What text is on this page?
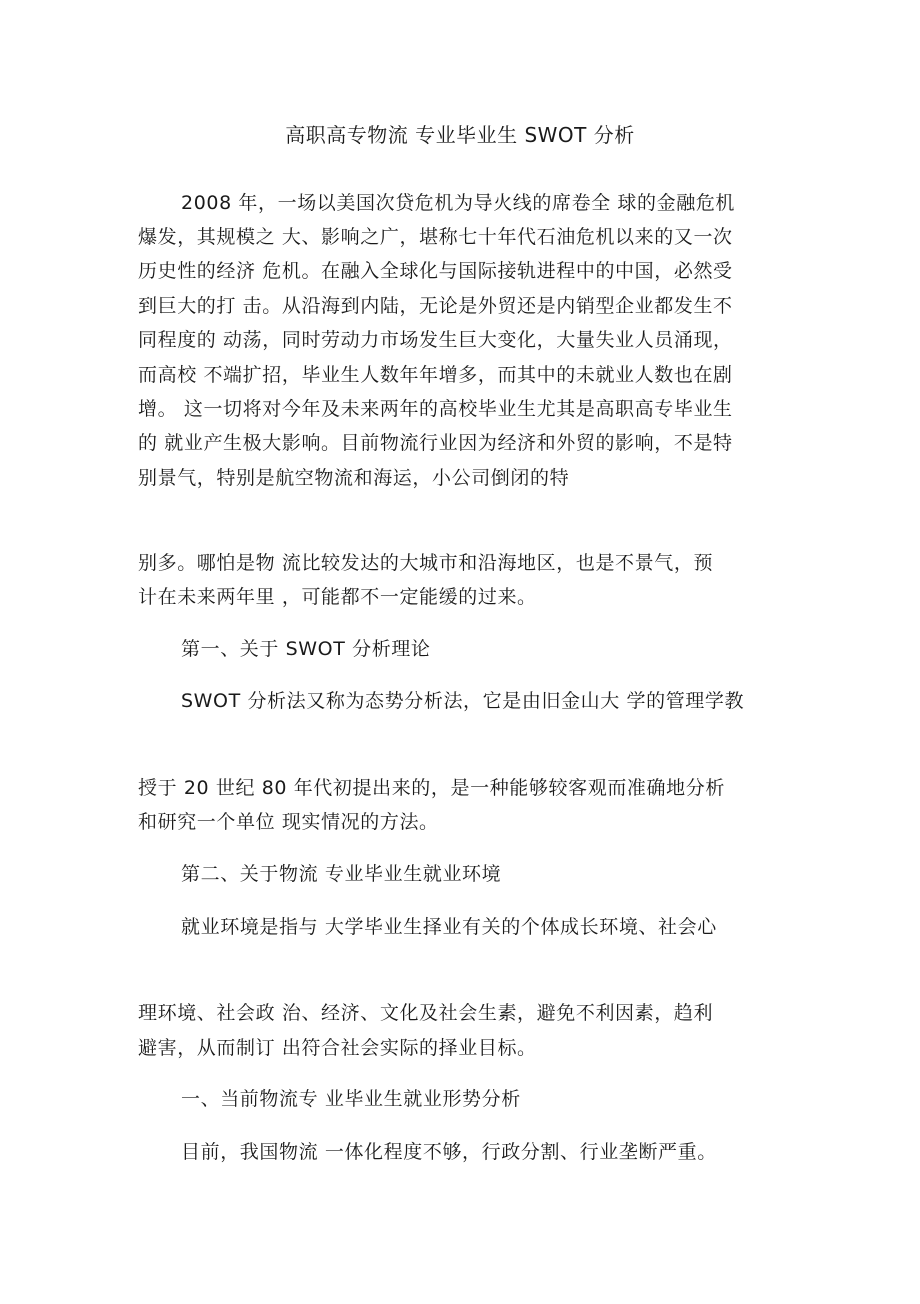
高职高专物流 专业毕业生 SWOT 分析
2008 年，一场以美国次贷危机为导火线的席卷全 球的金融危机
爆发，其规模之 大、影响之广，堪称七十年代石油危机以来的又一次
历史性的经济 危机。在融入全球化与国际接轨进程中的中国，必然受
到巨大的打 击。从沿海到内陆，无论是外贸还是内销型企业都发生不
同程度的 动荡，同时劳动力市场发生巨大变化，大量失业人员涌现，
而高校 不端扩招，毕业生人数年年增多，而其中的未就业人数也在剧
增。 这一切将对今年及未来两年的高校毕业生尤其是高职高专毕业生
的 就业产生极大影响。目前物流行业因为经济和外贸的影响，不是特
别景气，特别是航空物流和海运，小公司倒闭的特
别多。哪怕是物 流比较发达的大城市和沿海地区，也是不景气，预
计在未来两年里 ，可能都不一定能缓的过来。
第一、关于 SWOT 分析理论
SWOT 分析法又称为态势分析法，它是由旧金山大 学的管理学教
授于 20 世纪 80 年代初提出来的，是一种能够较客观而准确地分析
和研究一个单位 现实情况的方法。
第二、关于物流 专业毕业生就业环境
就业环境是指与 大学毕业生择业有关的个体成长环境、社会心
理环境、社会政 治、经济、文化及社会生素，避免不利因素，趋利
避害，从而制订 出符合社会实际的择业目标。
一、当前物流专 业毕业生就业形势分析
目前，我国物流 一体化程度不够，行政分割、行业垄断严重。
